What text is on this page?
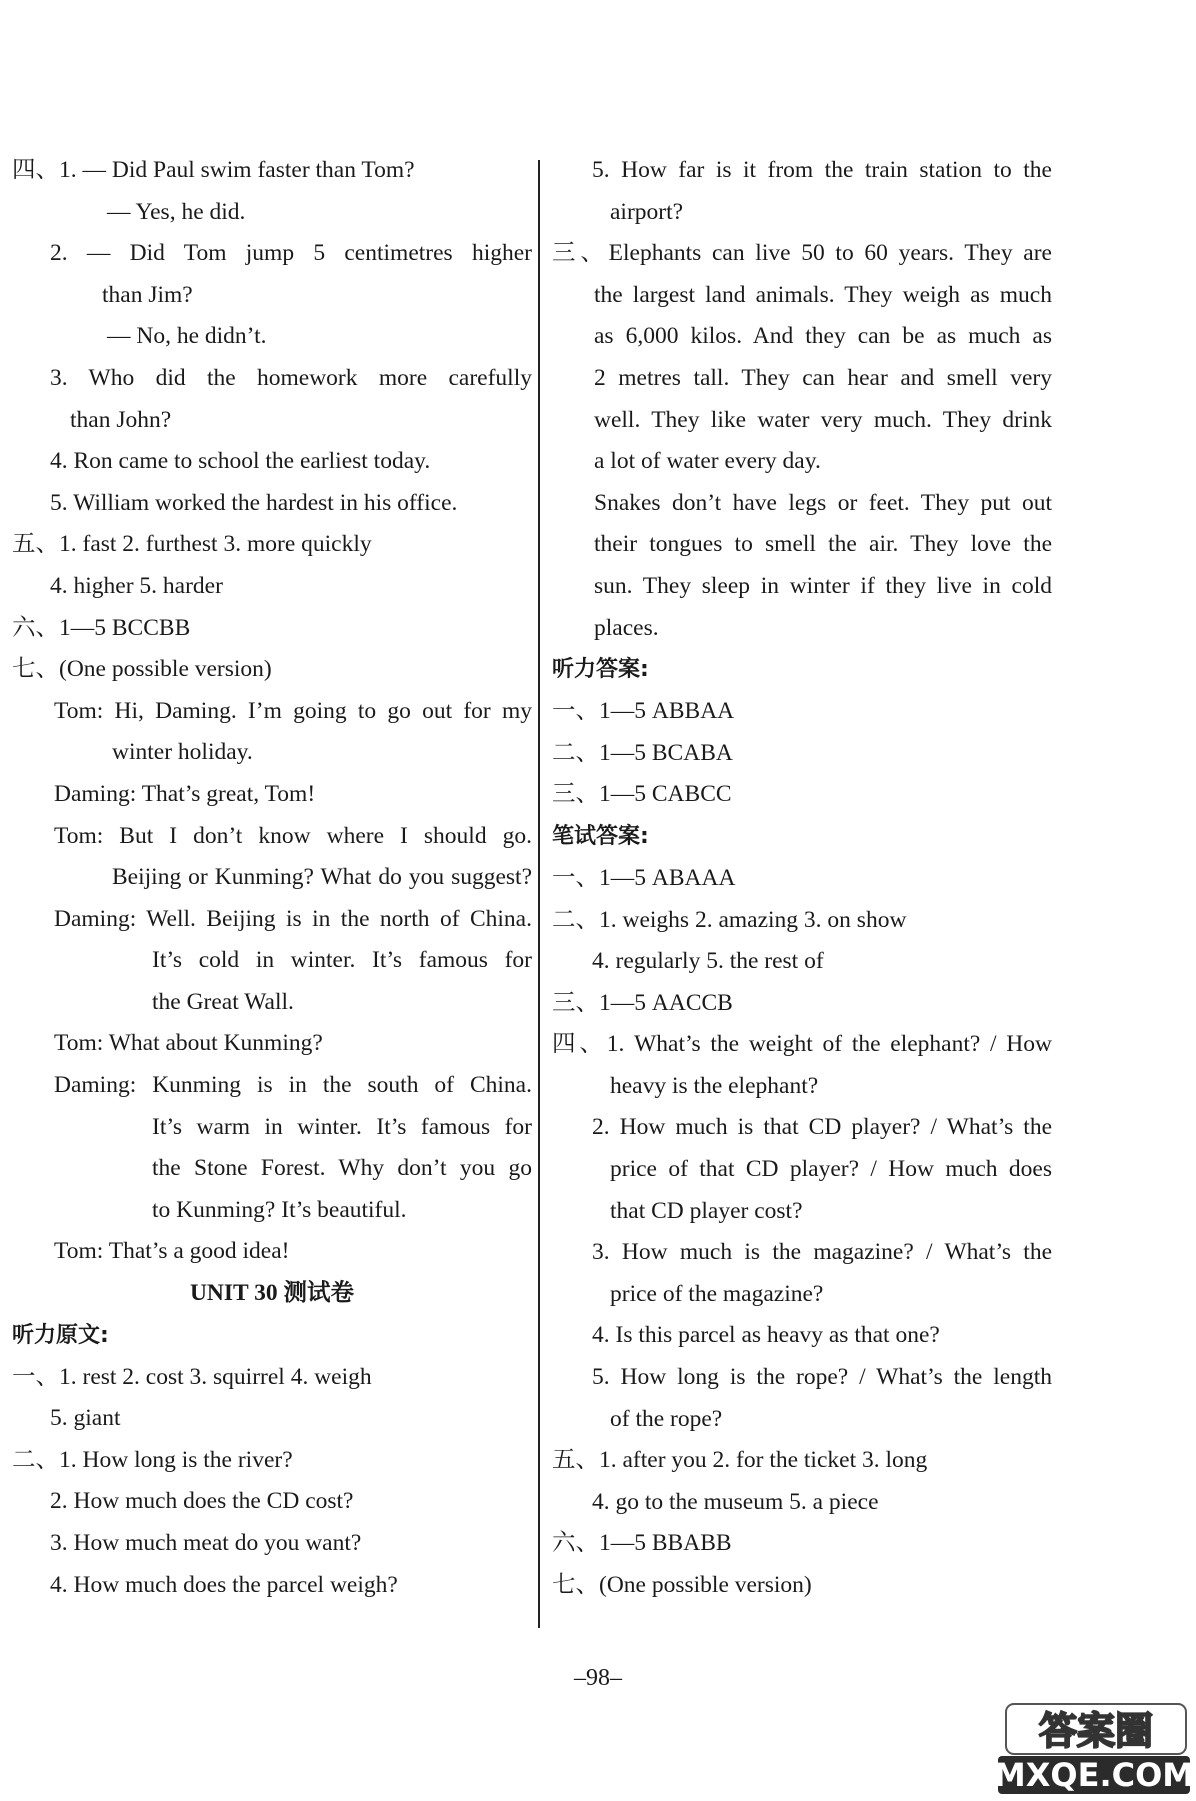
四、1. — Did Paul swim faster than Tom?
— Yes, he did.
2. — Did Tom jump 5 centimetres higher
than Jim?
— No, he didn’t.
3. Who did the homework more carefully
than John?
4. Ron came to school the earliest today.
5. William worked the hardest in his office.
五、1. fast 2. furthest 3. more quickly
4. higher 5. harder
六、1—5 BCCBB
七、(One possible version)
Tom: Hi, Daming. I’m going to go out for my
winter holiday.
Daming: That’s great, Tom!
Tom: But I don’t know where I should go.
Beijing or Kunming? What do you suggest?
Daming: Well. Beijing is in the north of China.
It’s cold in winter. It’s famous for
the Great Wall.
Tom: What about Kunming?
Daming: Kunming is in the south of China.
It’s warm in winter. It’s famous for
the Stone Forest. Why don’t you go
to Kunming? It’s beautiful.
Tom: That’s a good idea!
UNIT 30 测试卷
听力原文:
一、1. rest 2. cost 3. squirrel 4. weigh
5. giant
二、1. How long is the river?
2. How much does the CD cost?
3. How much meat do you want?
4. How much does the parcel weigh?
5. How far is it from the train station to the
airport?
三、Elephants can live 50 to 60 years. They are
the largest land animals. They weigh as much
as 6,000 kilos. And they can be as much as
2 metres tall. They can hear and smell very
well. They like water very much. They drink
a lot of water every day.
Snakes don’t have legs or feet. They put out
their tongues to smell the air. They love the
sun. They sleep in winter if they live in cold
places.
听力答案:
一、1—5 ABBAA
二、1—5 BCABA
三、1—5 CABCC
笔试答案:
一、1—5 ABAAA
二、1. weighs 2. amazing 3. on show
4. regularly 5. the rest of
三、1—5 AACCB
四、1. What’s the weight of the elephant? / How
heavy is the elephant?
2. How much is that CD player? / What’s the
price of that CD player? / How much does
that CD player cost?
3. How much is the magazine? / What’s the
price of the magazine?
4. Is this parcel as heavy as that one?
5. How long is the rope? / What’s the length
of the rope?
五、1. after you 2. for the ticket 3. long
4. go to the museum 5. a piece
六、1—5 BBABB
七、(One possible version)
–98–
答案圈
MXQE.COM
